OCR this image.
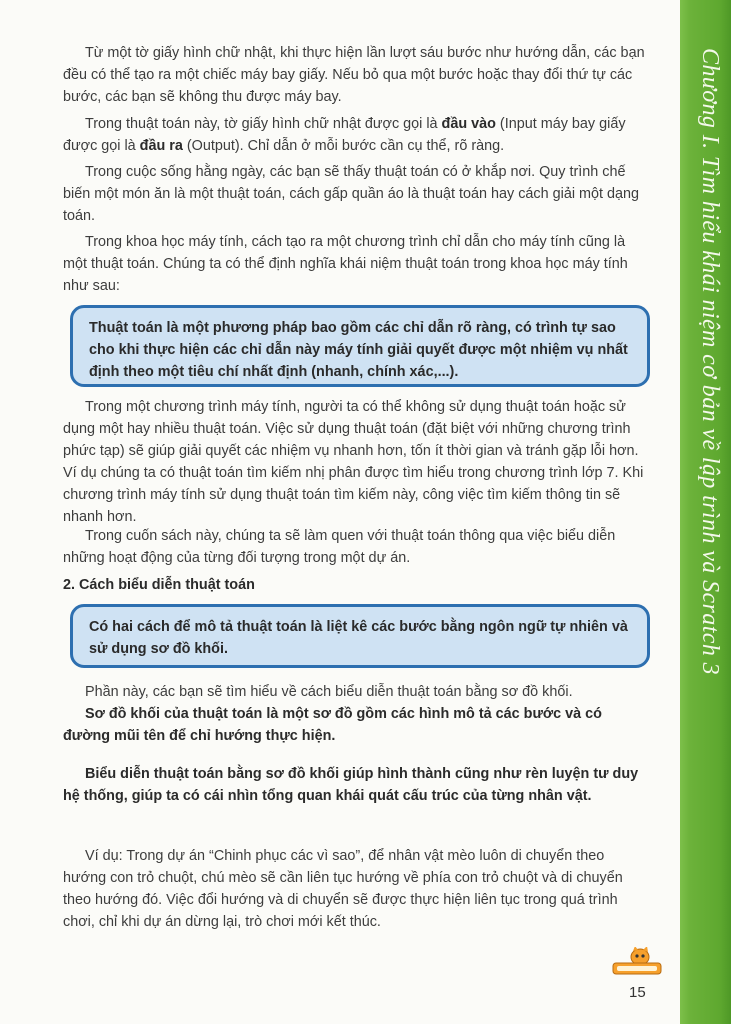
Từ một tờ giấy hình chữ nhật, khi thực hiện lần lượt sáu bước như hướng dẫn, các bạn đều có thể tạo ra một chiếc máy bay giấy. Nếu bỏ qua một bước hoặc thay đổi thứ tự các bước, các bạn sẽ không thu được máy bay.

Trong thuật toán này, tờ giấy hình chữ nhật được gọi là đầu vào (Input máy bay giấy được gọi là đầu ra (Output). Chỉ dẫn ở mỗi bước cần cụ thể, rõ ràng.

Trong cuộc sống hằng ngày, các bạn sẽ thấy thuật toán có ở khắp nơi. Quy trình chế biến một món ăn là một thuật toán, cách gấp quần áo là thuật toán hay cách giải một dạng toán.

Trong khoa học máy tính, cách tạo ra một chương trình chỉ dẫn cho máy tính cũng là một thuật toán. Chúng ta có thể định nghĩa khái niệm thuật toán trong khoa học máy tính như sau:

Thuật toán là một phương pháp bao gồm các chỉ dẫn rõ ràng, có trình tự sao cho khi thực hiện các chỉ dẫn này máy tính giải quyết được một nhiệm vụ nhất định theo một tiêu chí nhất định (nhanh, chính xác,...).

Trong một chương trình máy tính, người ta có thể không sử dụng thuật toán hoặc sử dụng một hay nhiều thuật toán. Việc sử dụng thuật toán (đặt biệt với những chương trình phức tạp) sẽ giúp giải quyết các nhiệm vụ nhanh hơn, tốn ít thời gian và tránh gặp lỗi hơn. Ví dụ chúng ta có thuật toán tìm kiếm nhị phân được tìm hiểu trong chương trình lớp 7. Khi chương trình máy tính sử dụng thuật toán tìm kiếm này, công việc tìm kiếm thông tin sẽ nhanh hơn.

Trong cuốn sách này, chúng ta sẽ làm quen với thuật toán thông qua việc biểu diễn những hoạt động của từng đối tượng trong một dự án.

2. Cách biểu diễn thuật toán
Có hai cách để mô tả thuật toán là liệt kê các bước bằng ngôn ngữ tự nhiên và sử dụng sơ đồ khối.

Phần này, các bạn sẽ tìm hiểu về cách biểu diễn thuật toán bằng sơ đồ khối.

Sơ đồ khối của thuật toán là một sơ đồ gồm các hình mô tả các bước và có đường mũi tên để chỉ hướng thực hiện.

Biểu diễn thuật toán bằng sơ đồ khối giúp hình thành cũng như rèn luyện tư duy hệ thống, giúp ta có cái nhìn tổng quan khái quát cấu trúc của từng nhân vật.

Ví dụ: Trong dự án “Chinh phục các vì sao”, để nhân vật mèo luôn di chuyển theo hướng con trỏ chuột, chú mèo sẽ cần liên tục hướng về phía con trỏ chuột và di chuyển theo hướng đó. Việc đổi hướng và di chuyển sẽ được thực hiện liên tục trong quá trình chơi, chỉ khi dự án dừng lại, trò chơi mới kết thúc.

15
Chương I. Tìm hiểu khái niệm cơ bản về lập trình và Scratch 3
